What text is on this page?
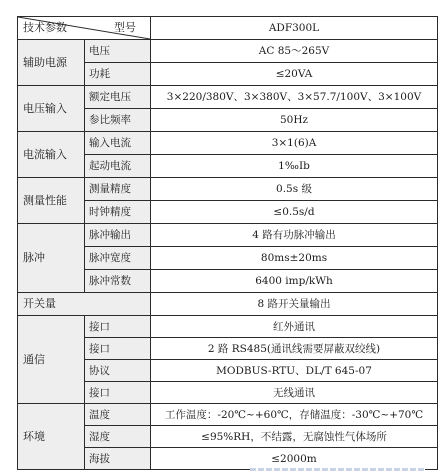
技术参数 型号		ADF300L
辅助电源	电压	AC 85～265V
	功耗	≤20VA
电压输入	额定电压	3×220/380V、3×380V、3×57.7/100V、3×100V
	参比频率	50Hz
电流输入	输入电流	3×1(6)A
	起动电流	1‰Ib
测量性能	测量精度	0.5s 级
	时钟精度	≤0.5s/d
脉冲	脉冲输出	4 路有功脉冲输出
	脉冲宽度	80ms±20ms
	脉冲常数	6400 imp/kWh
开关量		8 路开关量输出
通信	接口	红外通讯
	接口	2 路 RS485(通讯线需要屏蔽双绞线)
	协议	MODBUS-RTU、DL/T 645-07
	接口	无线通讯
环境	温度	工作温度：-20℃~+60℃，存储温度：-30℃~+70℃
	湿度	≤95%RH，不结露，无腐蚀性气体场所
	海拔	≤2000m
